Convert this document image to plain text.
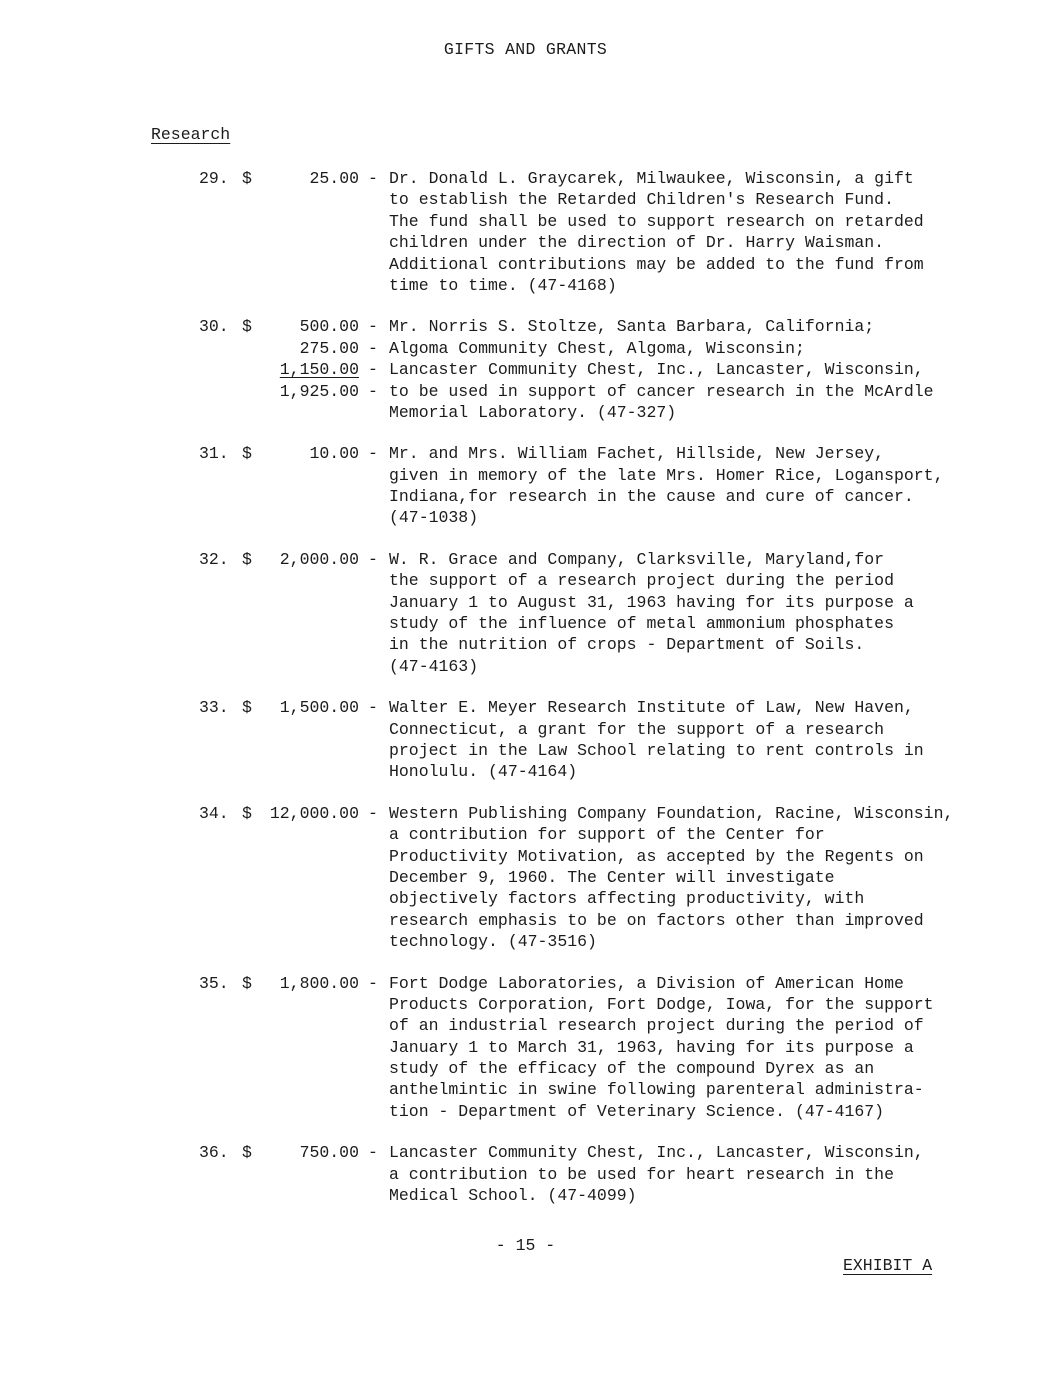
GIFTS AND GRANTS
Research
29. $	25.00 - Dr. Donald L. Graycarek, Milwaukee, Wisconsin, a gift
to establish the Retarded Children's Research Fund.
The fund shall be used to support research on retarded
children under the direction of Dr. Harry Waisman.
Additional contributions may be added to the fund from
time to time. (47-4168)
30. $	500.00 - Mr. Norris S. Stoltze, Santa Barbara, California;
275.00 - Algoma Community Chest, Algoma, Wisconsin;
1,150.00 - Lancaster Community Chest, Inc., Lancaster, Wisconsin,
1,925.00 - to be used in support of cancer research in the McArdle
Memorial Laboratory. (47-327)
31. $	10.00 - Mr. and Mrs. William Fachet, Hillside, New Jersey,
given in memory of the late Mrs. Homer Rice, Logansport,
Indiana,for research in the cause and cure of cancer.
(47-1038)
32. $ 2,000.00 - W. R. Grace and Company, Clarksville, Maryland,for
the support of a research project during the period
January 1 to August 31, 1963 having for its purpose a
study of the influence of metal ammonium phosphates
in the nutrition of crops - Department of Soils.
(47-4163)
33. $ 1,500.00 - Walter E. Meyer Research Institute of Law, New Haven,
Connecticut, a grant for the support of a research
project in the Law School relating to rent controls in
Honolulu. (47-4164)
34. $ 12,000.00 - Western Publishing Company Foundation, Racine, Wisconsin,
a contribution for support of the Center for
Productivity Motivation, as accepted by the Regents on
December 9, 1960. The Center will investigate
objectively factors affecting productivity, with
research emphasis to be on factors other than improved
technology. (47-3516)
35. $ 1,800.00 - Fort Dodge Laboratories, a Division of American Home
Products Corporation, Fort Dodge, Iowa, for the support
of an industrial research project during the period of
January 1 to March 31, 1963, having for its purpose a
study of the efficacy of the compound Dyrex as an
anthelmintic in swine following parenteral administra-
tion - Department of Veterinary Science. (47-4167)
36. $	750.00 - Lancaster Community Chest, Inc., Lancaster, Wisconsin,
a contribution to be used for heart research in the
Medical School. (47-4099)
- 15 -
EXHIBIT A
